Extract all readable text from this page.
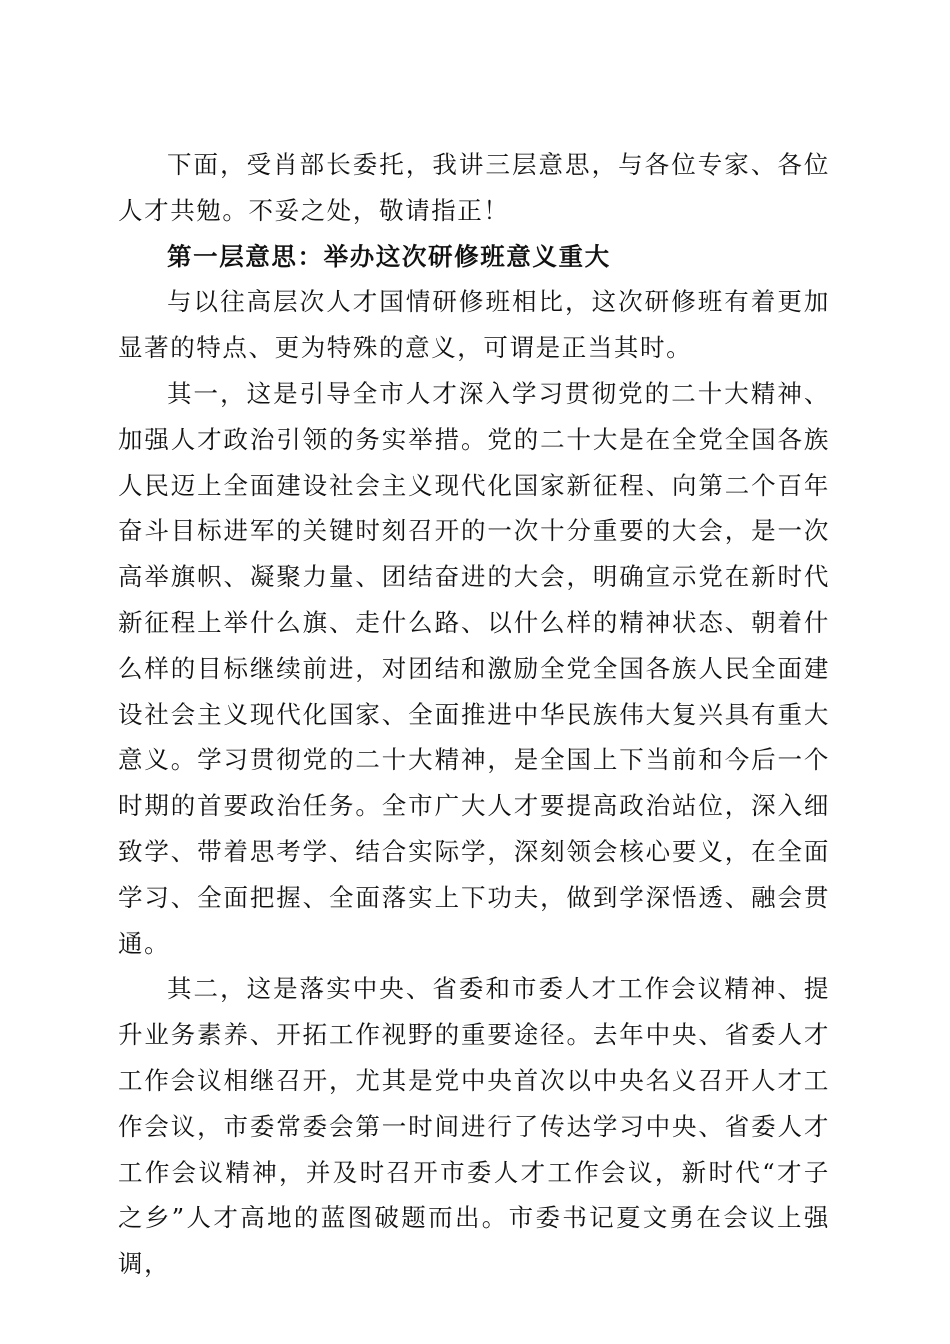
下面，受肖部长委托，我讲三层意思，与各位专家、各位人才共勉。不妥之处，敬请指正！

第一层意思：举办这次研修班意义重大

与以往高层次人才国情研修班相比，这次研修班有着更加显著的特点、更为特殊的意义，可谓是正当其时。

其一，这是引导全市人才深入学习贯彻党的二十大精神、加强人才政治引领的务实举措。党的二十大是在全党全国各族人民迈上全面建设社会主义现代化国家新征程、向第二个百年奋斗目标进军的关键时刻召开的一次十分重要的大会，是一次高举旗帜、凝聚力量、团结奋进的大会，明确宣示党在新时代新征程上举什么旗、走什么路、以什么样的精神状态、朝着什么样的目标继续前进，对团结和激励全党全国各族人民全面建设社会主义现代化国家、全面推进中华民族伟大复兴具有重大意义。学习贯彻党的二十大精神，是全国上下当前和今后一个时期的首要政治任务。全市广大人才要提高政治站位，深入细致学、带着思考学、结合实际学，深刻领会核心要义，在全面学习、全面把握、全面落实上下功夫，做到学深悟透、融会贯通。

其二，这是落实中央、省委和市委人才工作会议精神、提升业务素养、开拓工作视野的重要途径。去年中央、省委人才工作会议相继召开，尤其是党中央首次以中央名义召开人才工作会议，市委常委会第一时间进行了传达学习中央、省委人才工作会议精神，并及时召开市委人才工作会议，新时代“才子之乡”人才高地的蓝图破题而出。市委书记夏文勇在会议上强调，
